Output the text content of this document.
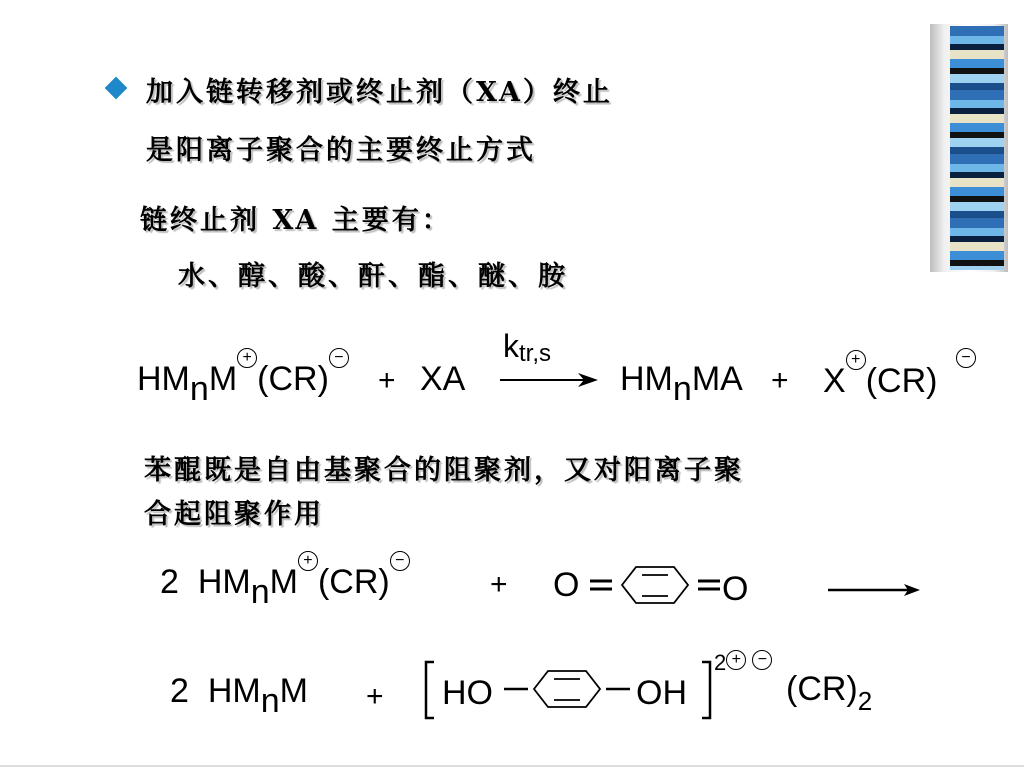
加入链转移剂或终止剂（XA）终止
是阳离子聚合的主要终止方式
链终止剂 XA 主要有：
水、醇、酸、酐、酯、醚、胺
HMnM+(CR)−
+ XA
ktr,s
HMnMA + X+(CR)
−
苯醌既是自由基聚合的阻聚剂，又对阳离子聚
合起阻聚作用
2 HMnM+(CR)−
+ O	O
2 HMnM + HO	OH
2 + −
$(CR)_2$
